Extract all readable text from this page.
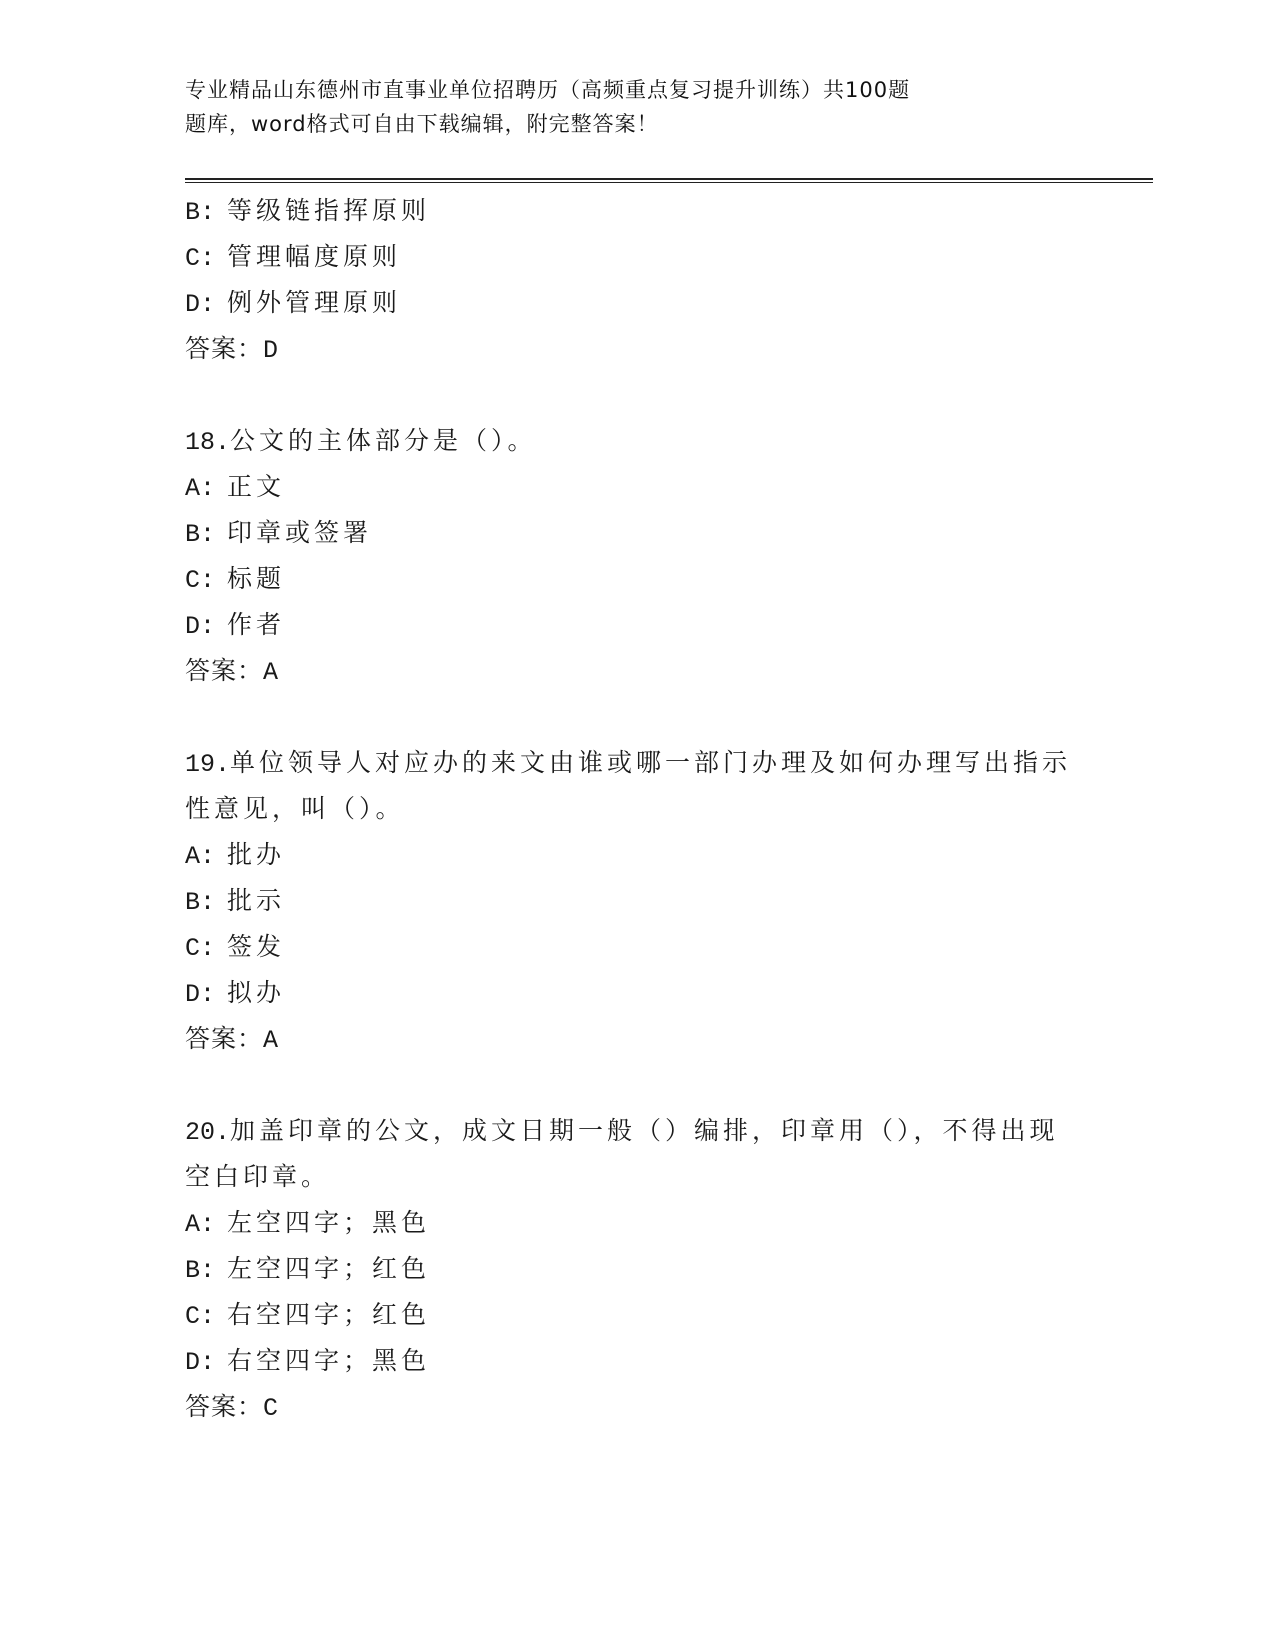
专业精品山东德州市直事业单位招聘历（高频重点复习提升训练）共100题
题库，word格式可自由下载编辑，附完整答案！
B: 等级链指挥原则
C: 管理幅度原则
D: 例外管理原则
答案：D
18.公文的主体部分是（）。
A: 正文
B: 印章或签署
C: 标题
D: 作者
答案：A
19.单位领导人对应办的来文由谁或哪一部门办理及如何办理写出指示
性意见，叫（）。
A: 批办
B: 批示
C: 签发
D: 拟办
答案：A
20.加盖印章的公文，成文日期一般（）编排，印章用（），不得出现
空白印章。
A: 左空四字；黑色
B: 左空四字；红色
C: 右空四字；红色
D: 右空四字；黑色
答案：C
